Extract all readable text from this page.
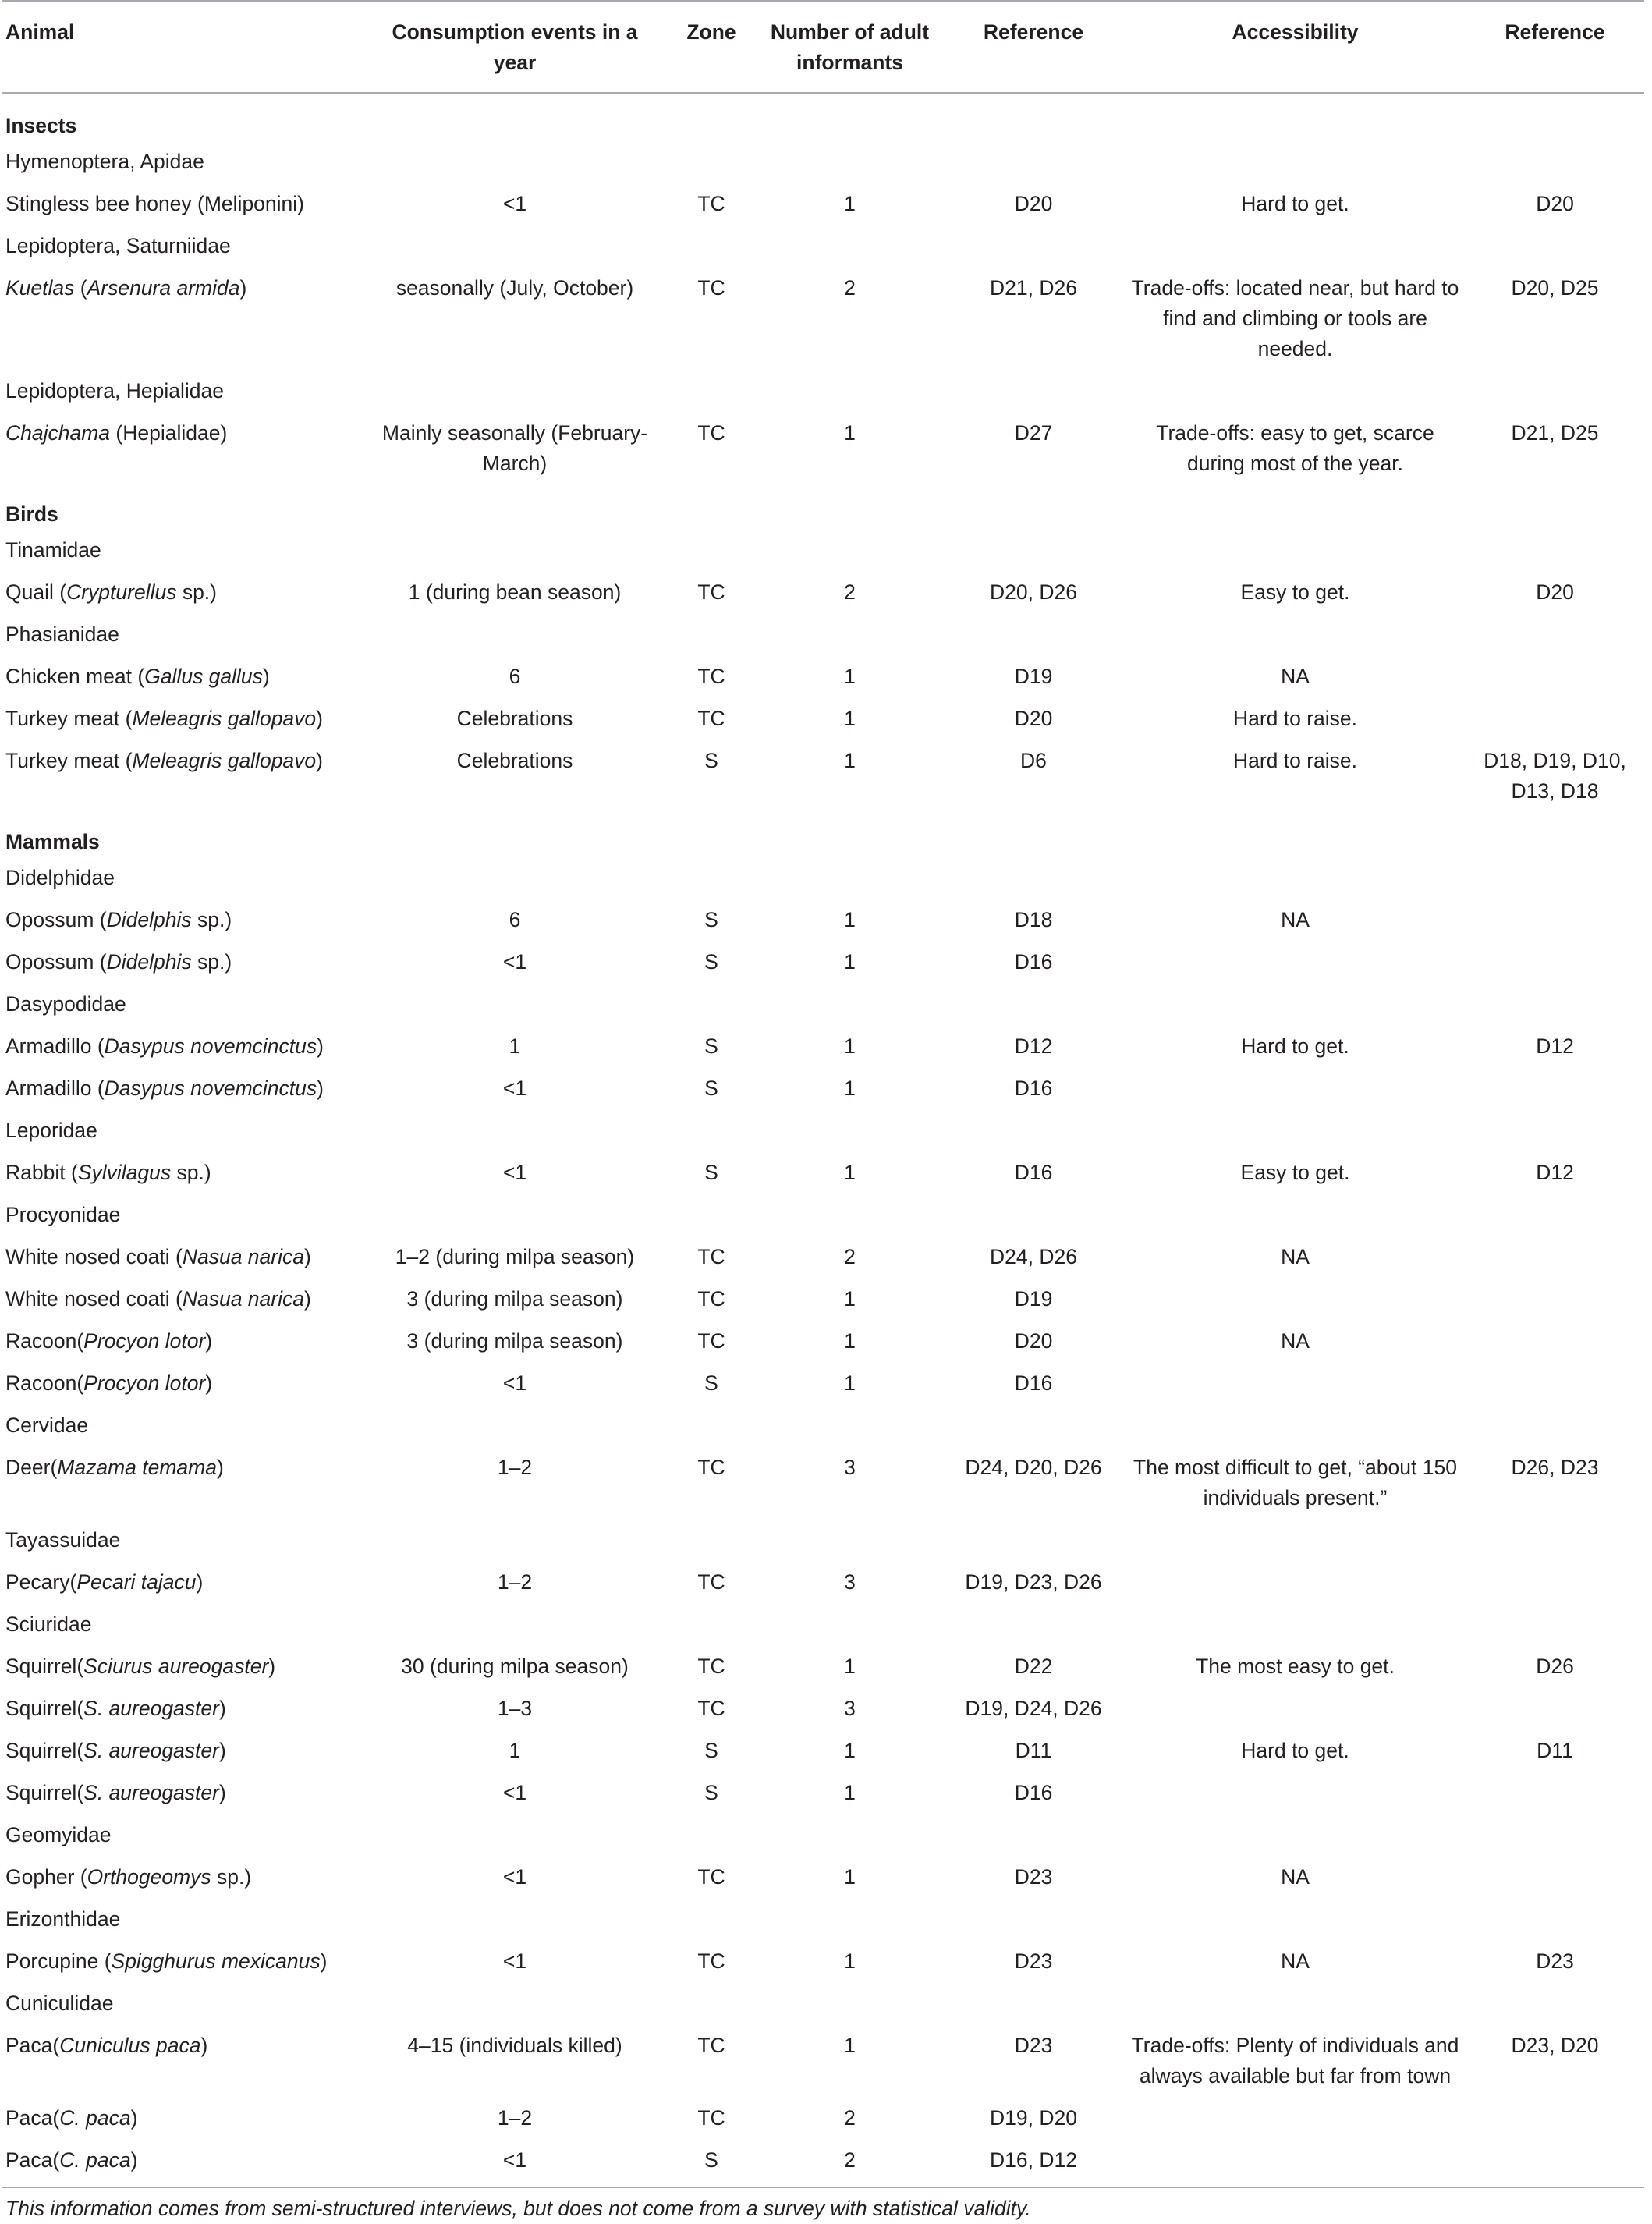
Animal	Consumption events in a year	Zone	Number of adult informants	Reference	Accessibility	Reference
Insects						
Hymenoptera, Apidae						
Stingless bee honey (Meliponini)	<1	TC	1	D20	Hard to get.	D20
Lepidoptera, Saturniidae						
Kuetlas (Arsenura armida)	seasonally (July, October)	TC	2	D21, D26	Trade-offs: located near, but hard to find and climbing or tools are needed.	D20, D25
Lepidoptera, Hepialidae						
Chajchama (Hepialidae)	Mainly seasonally (February-March)	TC	1	D27	Trade-offs: easy to get, scarce during most of the year.	D21, D25
Birds						
Tinamidae						
Quail (Crypturellus sp.)	1 (during bean season)	TC	2	D20, D26	Easy to get.	D20
Phasianidae						
Chicken meat (Gallus gallus)	6	TC	1	D19	NA	
Turkey meat (Meleagris gallopavo)	Celebrations	TC	1	D20	Hard to raise.	
Turkey meat (Meleagris gallopavo)	Celebrations	S	1	D6	Hard to raise.	D18, D19, D10, D13, D18
Mammals						
Didelphidae						
Opossum (Didelphis sp.)	6	S	1	D18	NA	
Opossum (Didelphis sp.)	<1	S	1	D16		
Dasypodidae						
Armadillo (Dasypus novemcinctus)	1	S	1	D12	Hard to get.	D12
Armadillo (Dasypus novemcinctus)	<1	S	1	D16		
Leporidae						
Rabbit (Sylvilagus sp.)	<1	S	1	D16	Easy to get.	D12
Procyonidae						
White nosed coati (Nasua narica)	1–2 (during milpa season)	TC	2	D24, D26	NA	
White nosed coati (Nasua narica)	3 (during milpa season)	TC	1	D19		
Racoon(Procyon lotor)	3 (during milpa season)	TC	1	D20	NA	
Racoon(Procyon lotor)	<1	S	1	D16		
Cervidae						
Deer(Mazama temama)	1–2	TC	3	D24, D20, D26	The most difficult to get, “about 150 individuals present.”	D26, D23
Tayassuidae						
Pecary(Pecari tajacu)	1–2	TC	3	D19, D23, D26		
Sciuridae						
Squirrel(Sciurus aureogaster)	30 (during milpa season)	TC	1	D22	The most easy to get.	D26
Squirrel(S. aureogaster)	1–3	TC	3	D19, D24, D26		
Squirrel(S. aureogaster)	1	S	1	D11	Hard to get.	D11
Squirrel(S. aureogaster)	<1	S	1	D16		
Geomyidae						
Gopher (Orthogeomys sp.)	<1	TC	1	D23	NA	
Erizonthidae						
Porcupine (Spigghurus mexicanus)	<1	TC	1	D23	NA	D23
Cuniculidae						
Paca(Cuniculus paca)	4–15 (individuals killed)	TC	1	D23	Trade-offs: Plenty of individuals and always available but far from town	D23, D20
Paca(C. paca)	1–2	TC	2	D19, D20		
Paca(C. paca)	<1	S	2	D16, D12		
This information comes from semi-structured interviews, but does not come from a survey with statistical validity.
